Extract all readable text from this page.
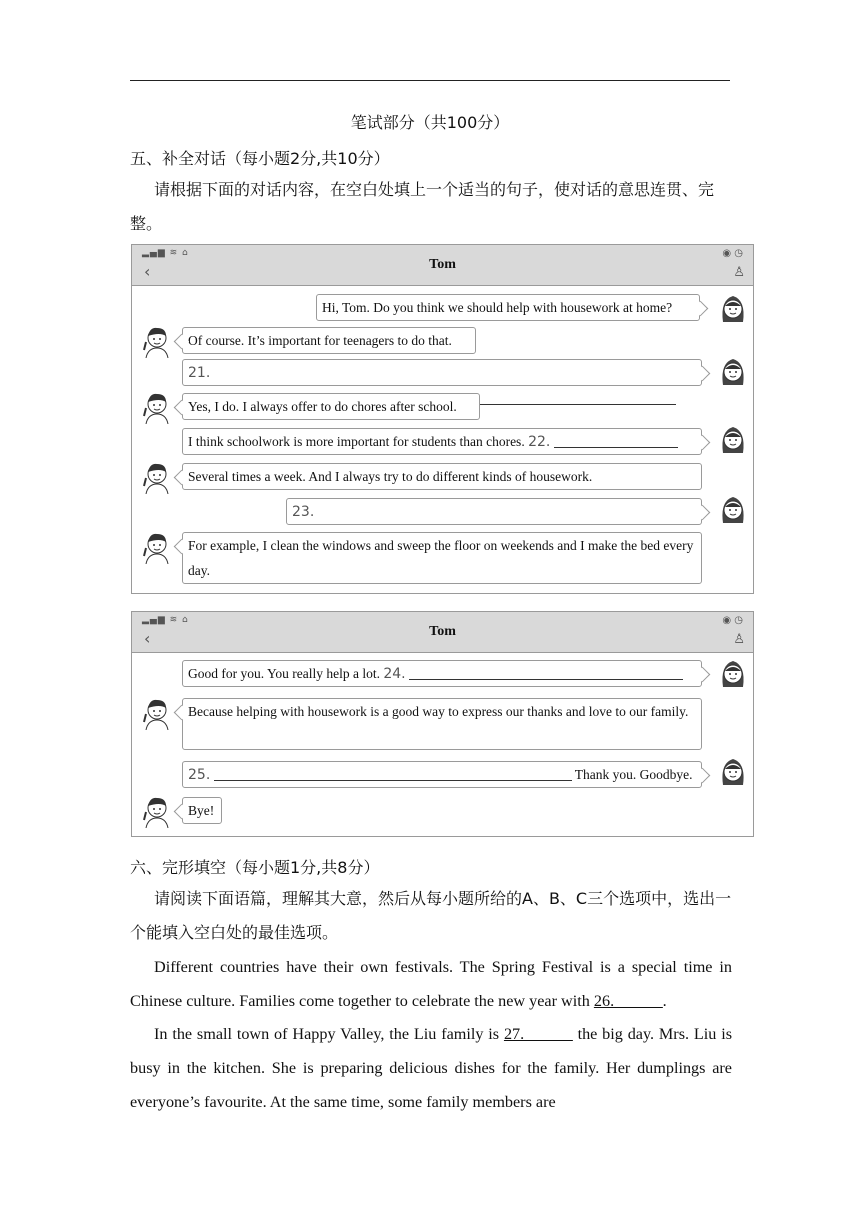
笔试部分（共100分）
五、补全对话（每小题2分,共10分）
请根据下面的对话内容，在空白处填上一个适当的句子，使对话的意思连贯、完整。
▂▄▆ ≋ ⌂
‹	Tom
◉ ◷
♙
Hi, Tom. Do you think we should help with housework at home?
Of course. It’s important for teenagers to do that.
21.
Yes, I do. I always offer to do chores after school.
I think schoolwork is more important for students than chores. 22.
Several times a week. And I always try to do different kinds of housework.
23.
For example, I clean the windows and sweep the floor on weekends and I make the bed every day.
▂▄▆ ≋ ⌂
‹	Tom
◉ ◷
♙
Good for you. You really help a lot. 24.
Because helping with housework is a good way to express our thanks and love to our family.
25.	Thank you. Goodbye.
Bye!
六、完形填空（每小题1分,共8分）
请阅读下面语篇，理解其大意，然后从每小题所给的A、B、C三个选项中，选出一个能填入空白处的最佳选项。
Different countries have their own festivals. The Spring Festival is a special time in Chinese culture. Families come together to celebrate the new year with 26.______.
In the small town of Happy Valley, the Liu family is 27.______ the big day. Mrs. Liu is busy in the kitchen. She is preparing delicious dishes for the family. Her dumplings are everyone’s favourite. At the same time, some family members are
